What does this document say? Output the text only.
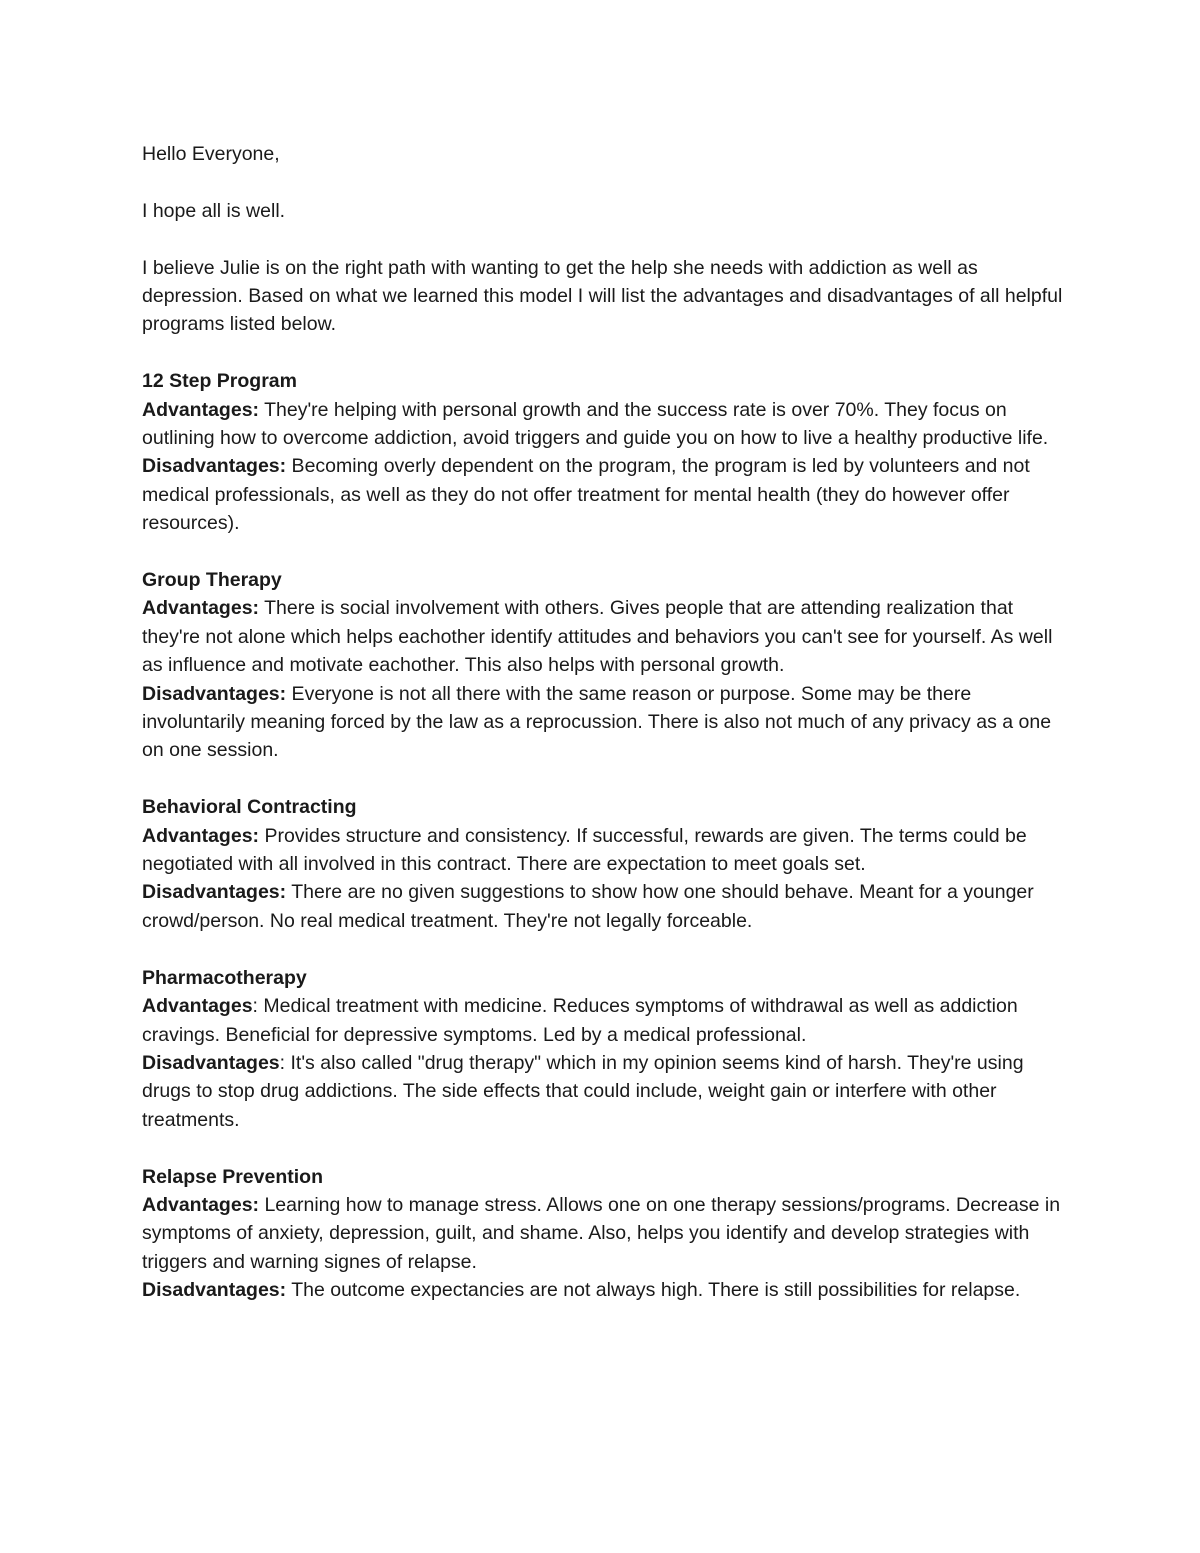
Hello Everyone,

I hope all is well.

I believe Julie is on the right path with wanting to get the help she needs with addiction as well as depression. Based on what we learned this model I will list the advantages and disadvantages of all helpful programs listed below.

12 Step Program

Advantages: They're helping with personal growth and the success rate is over 70%. They focus on outlining how to overcome addiction, avoid triggers and guide you on how to live a healthy productive life.

Disadvantages: Becoming overly dependent on the program, the program is led by volunteers and not medical professionals, as well as they do not offer treatment for mental health (they do however offer resources).

Group Therapy

Advantages: There is social involvement with others. Gives people that are attending realization that they're not alone which helps eachother identify attitudes and behaviors you can't see for yourself. As well as influence and motivate eachother. This also helps with personal growth.

Disadvantages: Everyone is not all there with the same reason or purpose. Some may be there involuntarily meaning forced by the law as a reprocussion. There is also not much of any privacy as a one on one session.

Behavioral Contracting

Advantages: Provides structure and consistency. If successful, rewards are given. The terms could be negotiated with all involved in this contract. There are expectation to meet goals set.

Disadvantages: There are no given suggestions to show how one should behave. Meant for a younger crowd/person. No real medical treatment. They're not legally forceable.

Pharmacotherapy

Advantages: Medical treatment with medicine. Reduces symptoms of withdrawal as well as addiction cravings. Beneficial for depressive symptoms. Led by a medical professional.

Disadvantages: It's also called "drug therapy" which in my opinion seems kind of harsh. They're using drugs to stop drug addictions. The side effects that could include, weight gain or interfere with other treatments.

Relapse Prevention

Advantages: Learning how to manage stress. Allows one on one therapy sessions/programs. Decrease in symptoms of anxiety, depression, guilt, and shame. Also, helps you identify and develop strategies with triggers and warning signes of relapse.

Disadvantages: The outcome expectancies are not always high. There is still possibilities for relapse.
